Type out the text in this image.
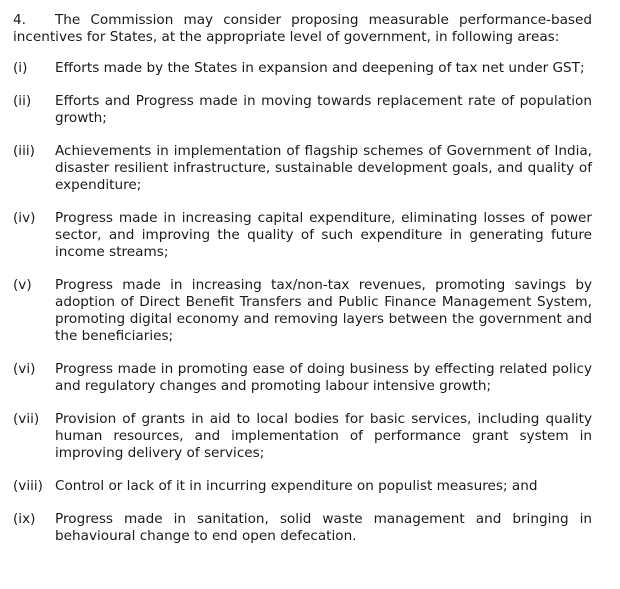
4. The Commission may consider proposing measurable performance-based incentives for States, at the appropriate level of government, in following areas:

(i)	Efforts made by the States in expansion and deepening of tax net under GST;
(ii)	Efforts and Progress made in moving towards replacement rate of population growth;
(iii)	Achievements in implementation of flagship schemes of Government of India, disaster resilient infrastructure, sustainable development goals, and quality of expenditure;
(iv)	Progress made in increasing capital expenditure, eliminating losses of power sector, and improving the quality of such expenditure in generating future income streams;
(v)	Progress made in increasing tax/non-tax revenues, promoting savings by adoption of Direct Benefit Transfers and Public Finance Management System, promoting digital economy and removing layers between the government and the beneficiaries;
(vi)	Progress made in promoting ease of doing business by effecting related policy and regulatory changes and promoting labour intensive growth;
(vii)	Provision of grants in aid to local bodies for basic services, including quality human resources, and implementation of performance grant system in improving delivery of services;
(viii) Control or lack of it in incurring expenditure on populist measures; and
(ix)	Progress made in sanitation, solid waste management and bringing in behavioural change to end open defecation.
